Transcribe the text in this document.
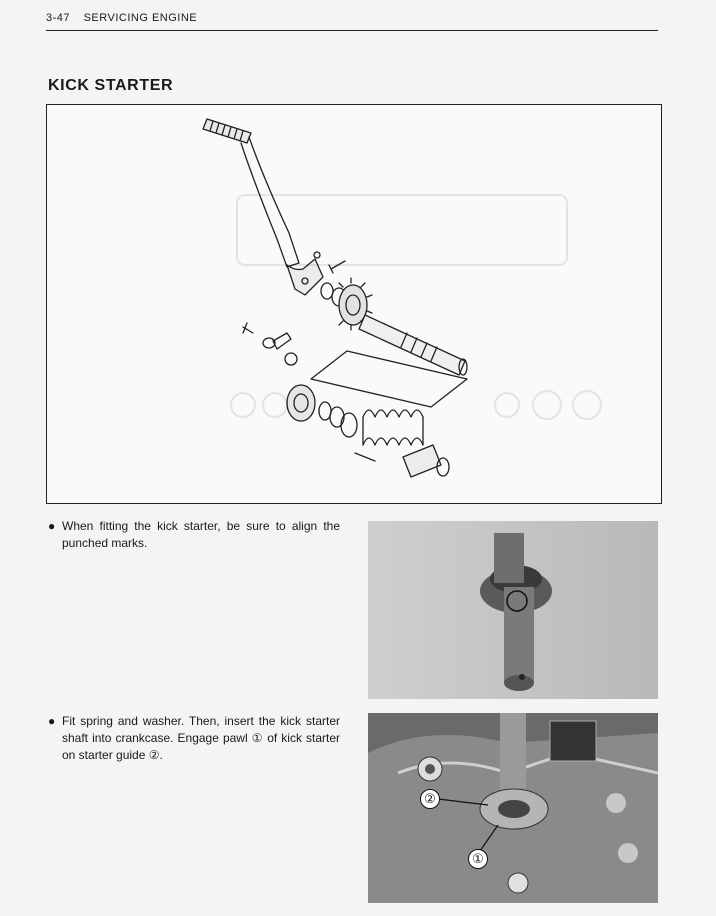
3-47 SERVICING ENGINE
KICK STARTER
● When fitting the kick starter, be sure to align the punched marks.
● Fit spring and washer. Then, insert the kick starter shaft into crankcase. Engage pawl ① of kick starter on starter guide ②.
②
①
